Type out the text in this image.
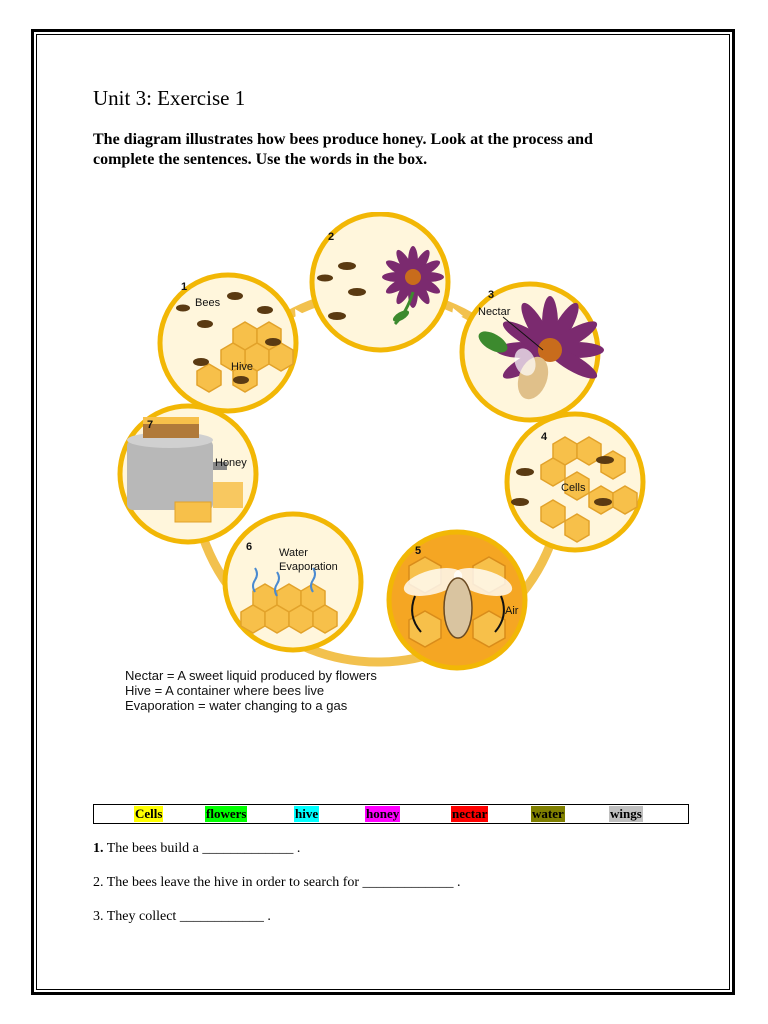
Unit 3: Exercise 1
The diagram illustrates how bees produce honey. Look at the process and complete the sentences. Use the words in the box.
1
Bees
Hive
2
3
Nectar
4
Cells
5
Air
6 Water
Evaporation
7
Honey
Nectar = A sweet liquid produced by flowers
Hive = A container where bees live
Evaporation = water changing to a gas
Cells	flowers	hive	honey	nectar	water	wings
1. The bees build a _____________ .
2. The bees leave the hive in order to search for _____________ .
3. They collect ____________ .
